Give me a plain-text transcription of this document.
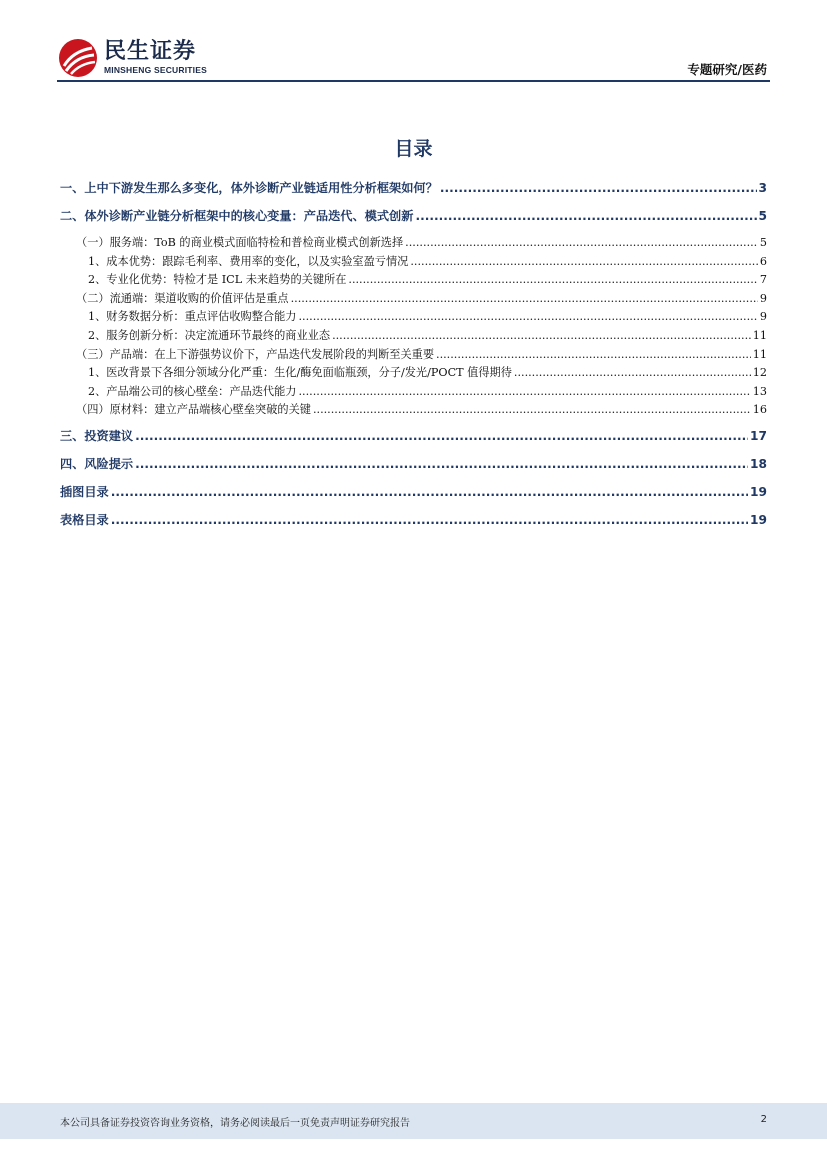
民生证券
MINSHENG SECURITIES	专题研究/医药
目录
一、上中下游发生那么多变化，体外诊断产业链适用性分析框架如何？ .....	3
二、体外诊断产业链分析框架中的核心变量：产品迭代、模式创新 .....	5
（一）服务端：ToB 的商业模式面临特检和普检商业模式创新选择 .....	5
1、成本优势：跟踪毛利率、费用率的变化，以及实验室盈亏情况 .....	6
2、专业化优势：特检才是 ICL 未来趋势的关键所在 .....	7
（二）流通端：渠道收购的价值评估是重点 .....	9
1、财务数据分析：重点评估收购整合能力 .....	9
2、服务创新分析：决定流通环节最终的商业业态 .....	11
（三）产品端：在上下游强势议价下，产品迭代发展阶段的判断至关重要 .....	11
1、医改背景下各细分领域分化严重：生化/酶免面临瓶颈，分子/发光/POCT 值得期待 .....	12
2、产品端公司的核心壁垒：产品迭代能力 .....	13
（四）原材料：建立产品端核心壁垒突破的关键 .....	16
三、投资建议 .....	17
四、风险提示 .....	18
插图目录 .....	19
表格目录 .....	19
本公司具备证券投资咨询业务资格，请务必阅读最后一页免责声明证券研究报告	2
